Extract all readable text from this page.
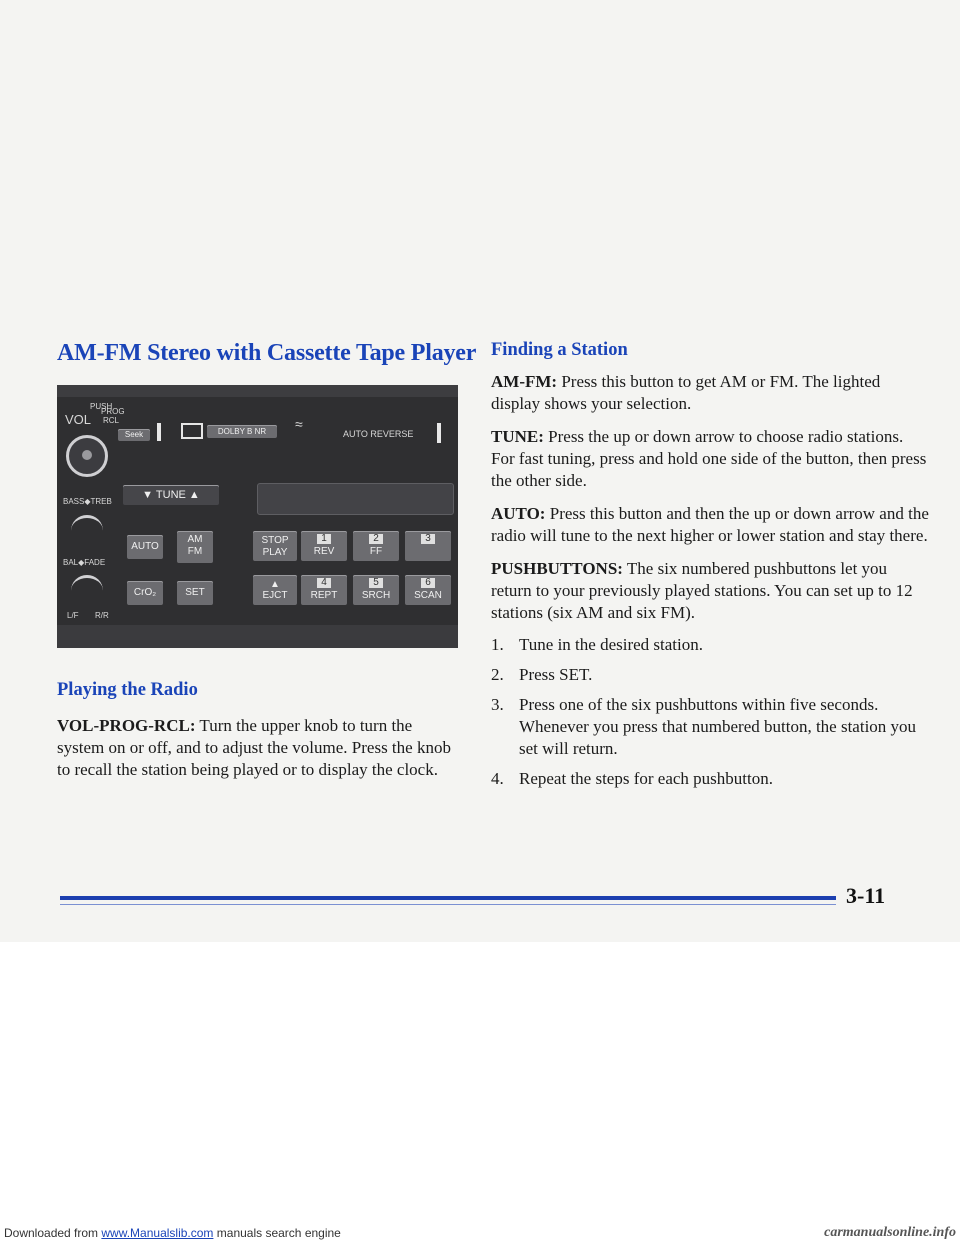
AM-FM Stereo with Cassette Tape Player
PUSH
VOL
PROG
RCL
Seek	DOLBY B NR	≈
AUTO REVERSE
▼ TUNE ▲
BASS◆TREB
BAL◆FADE
L/F R/R
AUTO
AM
FM
CrO₂	SET
STOP
PLAY
1
REV
2
FF
3
▲
EJCT
4
REPT
5
SRCH
6
SCAN
Playing the Radio

VOL-PROG-RCL: Turn the upper knob to turn the system on or off, and to adjust the volume. Press the knob to recall the station being played or to display the clock.

Finding a Station

AM-FM: Press this button to get AM or FM. The lighted display shows your selection.

TUNE: Press the up or down arrow to choose radio stations. For fast tuning, press and hold one side of the button, then press the other side.

AUTO: Press this button and then the up or down arrow and the radio will tune to the next higher or lower station and stay there.

PUSHBUTTONS: The six numbered pushbuttons let you return to your previously played stations. You can set up to 12 stations (six AM and six FM).

1. Tune in the desired station.
2. Press SET.
3. Press one of the six pushbuttons within five seconds. Whenever you press that numbered button, the station you set will return.
4. Repeat the steps for each pushbutton.
3-11
Downloaded from www.Manualslib.com manuals search engine	carmanualsonline.info
